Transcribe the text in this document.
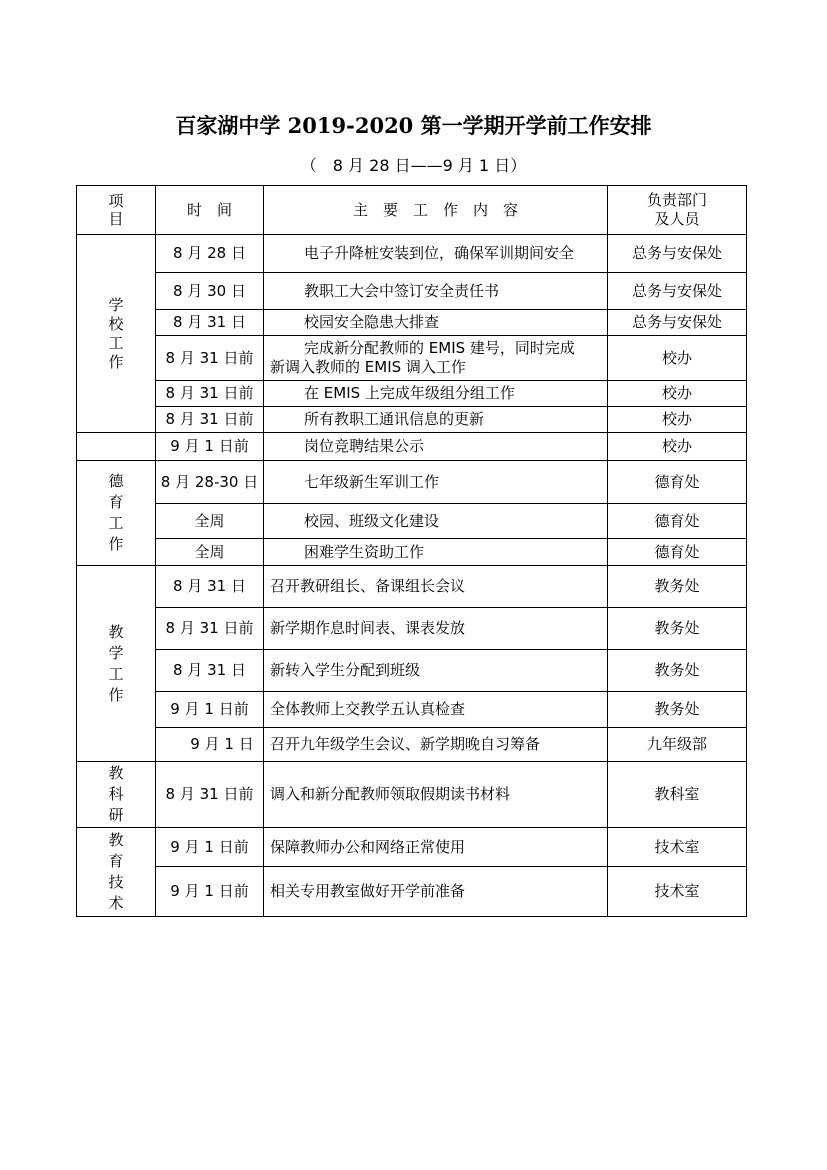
百家湖中学 2019-2020 第一学期开学前工作安排
（　8 月 28 日——9 月 1 日）
项
目	时　间	主　要　工　作　内　容	负责部门
及人员
学
校
工
作	8 月 28 日	电子升降桩安装到位，确保军训期间安全	总务与安保处
	8 月 30 日	教职工大会中签订安全责任书	总务与安保处
	8 月 31 日	校园安全隐患大排查	总务与安保处
	8 月 31 日前	完成新分配教师的 EMIS 建号，同时完成
新调入教师的 EMIS 调入工作	校办
	8 月 31 日前	在 EMIS 上完成年级组分组工作	校办
	8 月 31 日前	所有教职工通讯信息的更新	校办
	9 月 1 日前	岗位竞聘结果公示	校办
德
育
工
作	8 月 28-30 日	七年级新生军训工作	德育处
	全周	校园、班级文化建设	德育处
	全周	困难学生资助工作	德育处
教
学
工
作	8 月 31 日	召开教研组长、备课组长会议	教务处
	8 月 31 日前	新学期作息时间表、课表发放	教务处
	8 月 31 日	新转入学生分配到班级	教务处
	9 月 1 日前	全体教师上交教学五认真检查	教务处
	9 月 1 日	召开九年级学生会议、新学期晚自习筹备	九年级部
教
科
研	8 月 31 日前	调入和新分配教师领取假期读书材料	教科室
教
育
技
术	9 月 1 日前	保障教师办公和网络正常使用	技术室
	9 月 1 日前	相关专用教室做好开学前准备	技术室
